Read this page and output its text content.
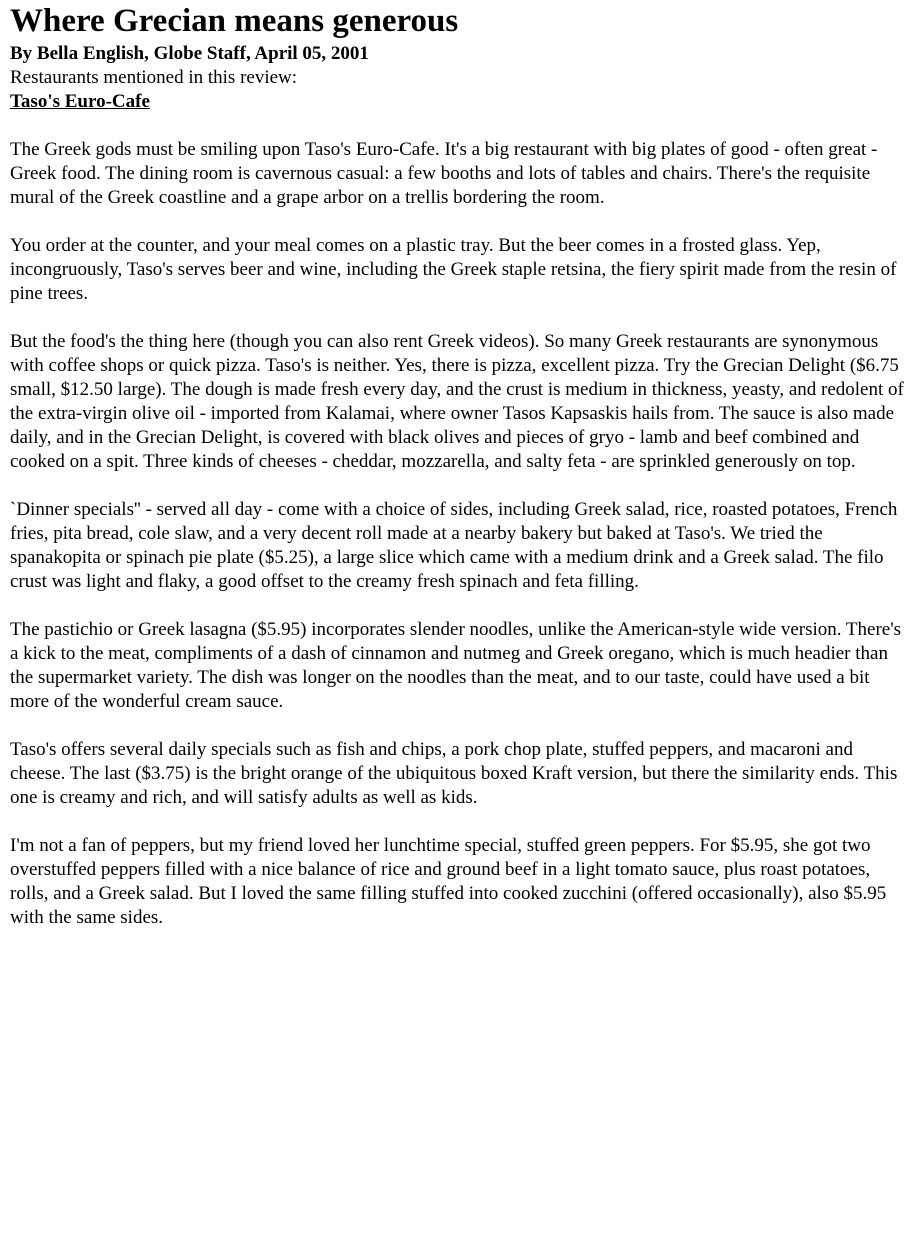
Where Grecian means generous
By Bella English, Globe Staff, April 05, 2001
Restaurants mentioned in this review:
Taso's Euro-Cafe

The Greek gods must be smiling upon Taso's Euro-Cafe. It's a big restaurant with big plates of good - often great - Greek food. The dining room is cavernous casual: a few booths and lots of tables and chairs. There's the requisite mural of the Greek coastline and a grape arbor on a trellis bordering the room.

You order at the counter, and your meal comes on a plastic tray. But the beer comes in a frosted glass. Yep, incongruously, Taso's serves beer and wine, including the Greek staple retsina, the fiery spirit made from the resin of pine trees.

But the food's the thing here (though you can also rent Greek videos). So many Greek restaurants are synonymous with coffee shops or quick pizza. Taso's is neither. Yes, there is pizza, excellent pizza. Try the Grecian Delight ($6.75 small, $12.50 large). The dough is made fresh every day, and the crust is medium in thickness, yeasty, and redolent of the extra-virgin olive oil - imported from Kalamai, where owner Tasos Kapsaskis hails from. The sauce is also made daily, and in the Grecian Delight, is covered with black olives and pieces of gryo - lamb and beef combined and cooked on a spit. Three kinds of cheeses - cheddar, mozzarella, and salty feta - are sprinkled generously on top.

`Dinner specials'' - served all day - come with a choice of sides, including Greek salad, rice, roasted potatoes, French fries, pita bread, cole slaw, and a very decent roll made at a nearby bakery but baked at Taso's. We tried the spanakopita or spinach pie plate ($5.25), a large slice which came with a medium drink and a Greek salad. The filo crust was light and flaky, a good offset to the creamy fresh spinach and feta filling.

The pastichio or Greek lasagna ($5.95) incorporates slender noodles, unlike the American-style wide version. There's a kick to the meat, compliments of a dash of cinnamon and nutmeg and Greek oregano, which is much headier than the supermarket variety. The dish was longer on the noodles than the meat, and to our taste, could have used a bit more of the wonderful cream sauce.

Taso's offers several daily specials such as fish and chips, a pork chop plate, stuffed peppers, and macaroni and cheese. The last ($3.75) is the bright orange of the ubiquitous boxed Kraft version, but there the similarity ends. This one is creamy and rich, and will satisfy adults as well as kids.

I'm not a fan of peppers, but my friend loved her lunchtime special, stuffed green peppers. For $5.95, she got two overstuffed peppers filled with a nice balance of rice and ground beef in a light tomato sauce, plus roast potatoes, rolls, and a Greek salad. But I loved the same filling stuffed into cooked zucchini (offered occasionally), also $5.95 with the same sides.
